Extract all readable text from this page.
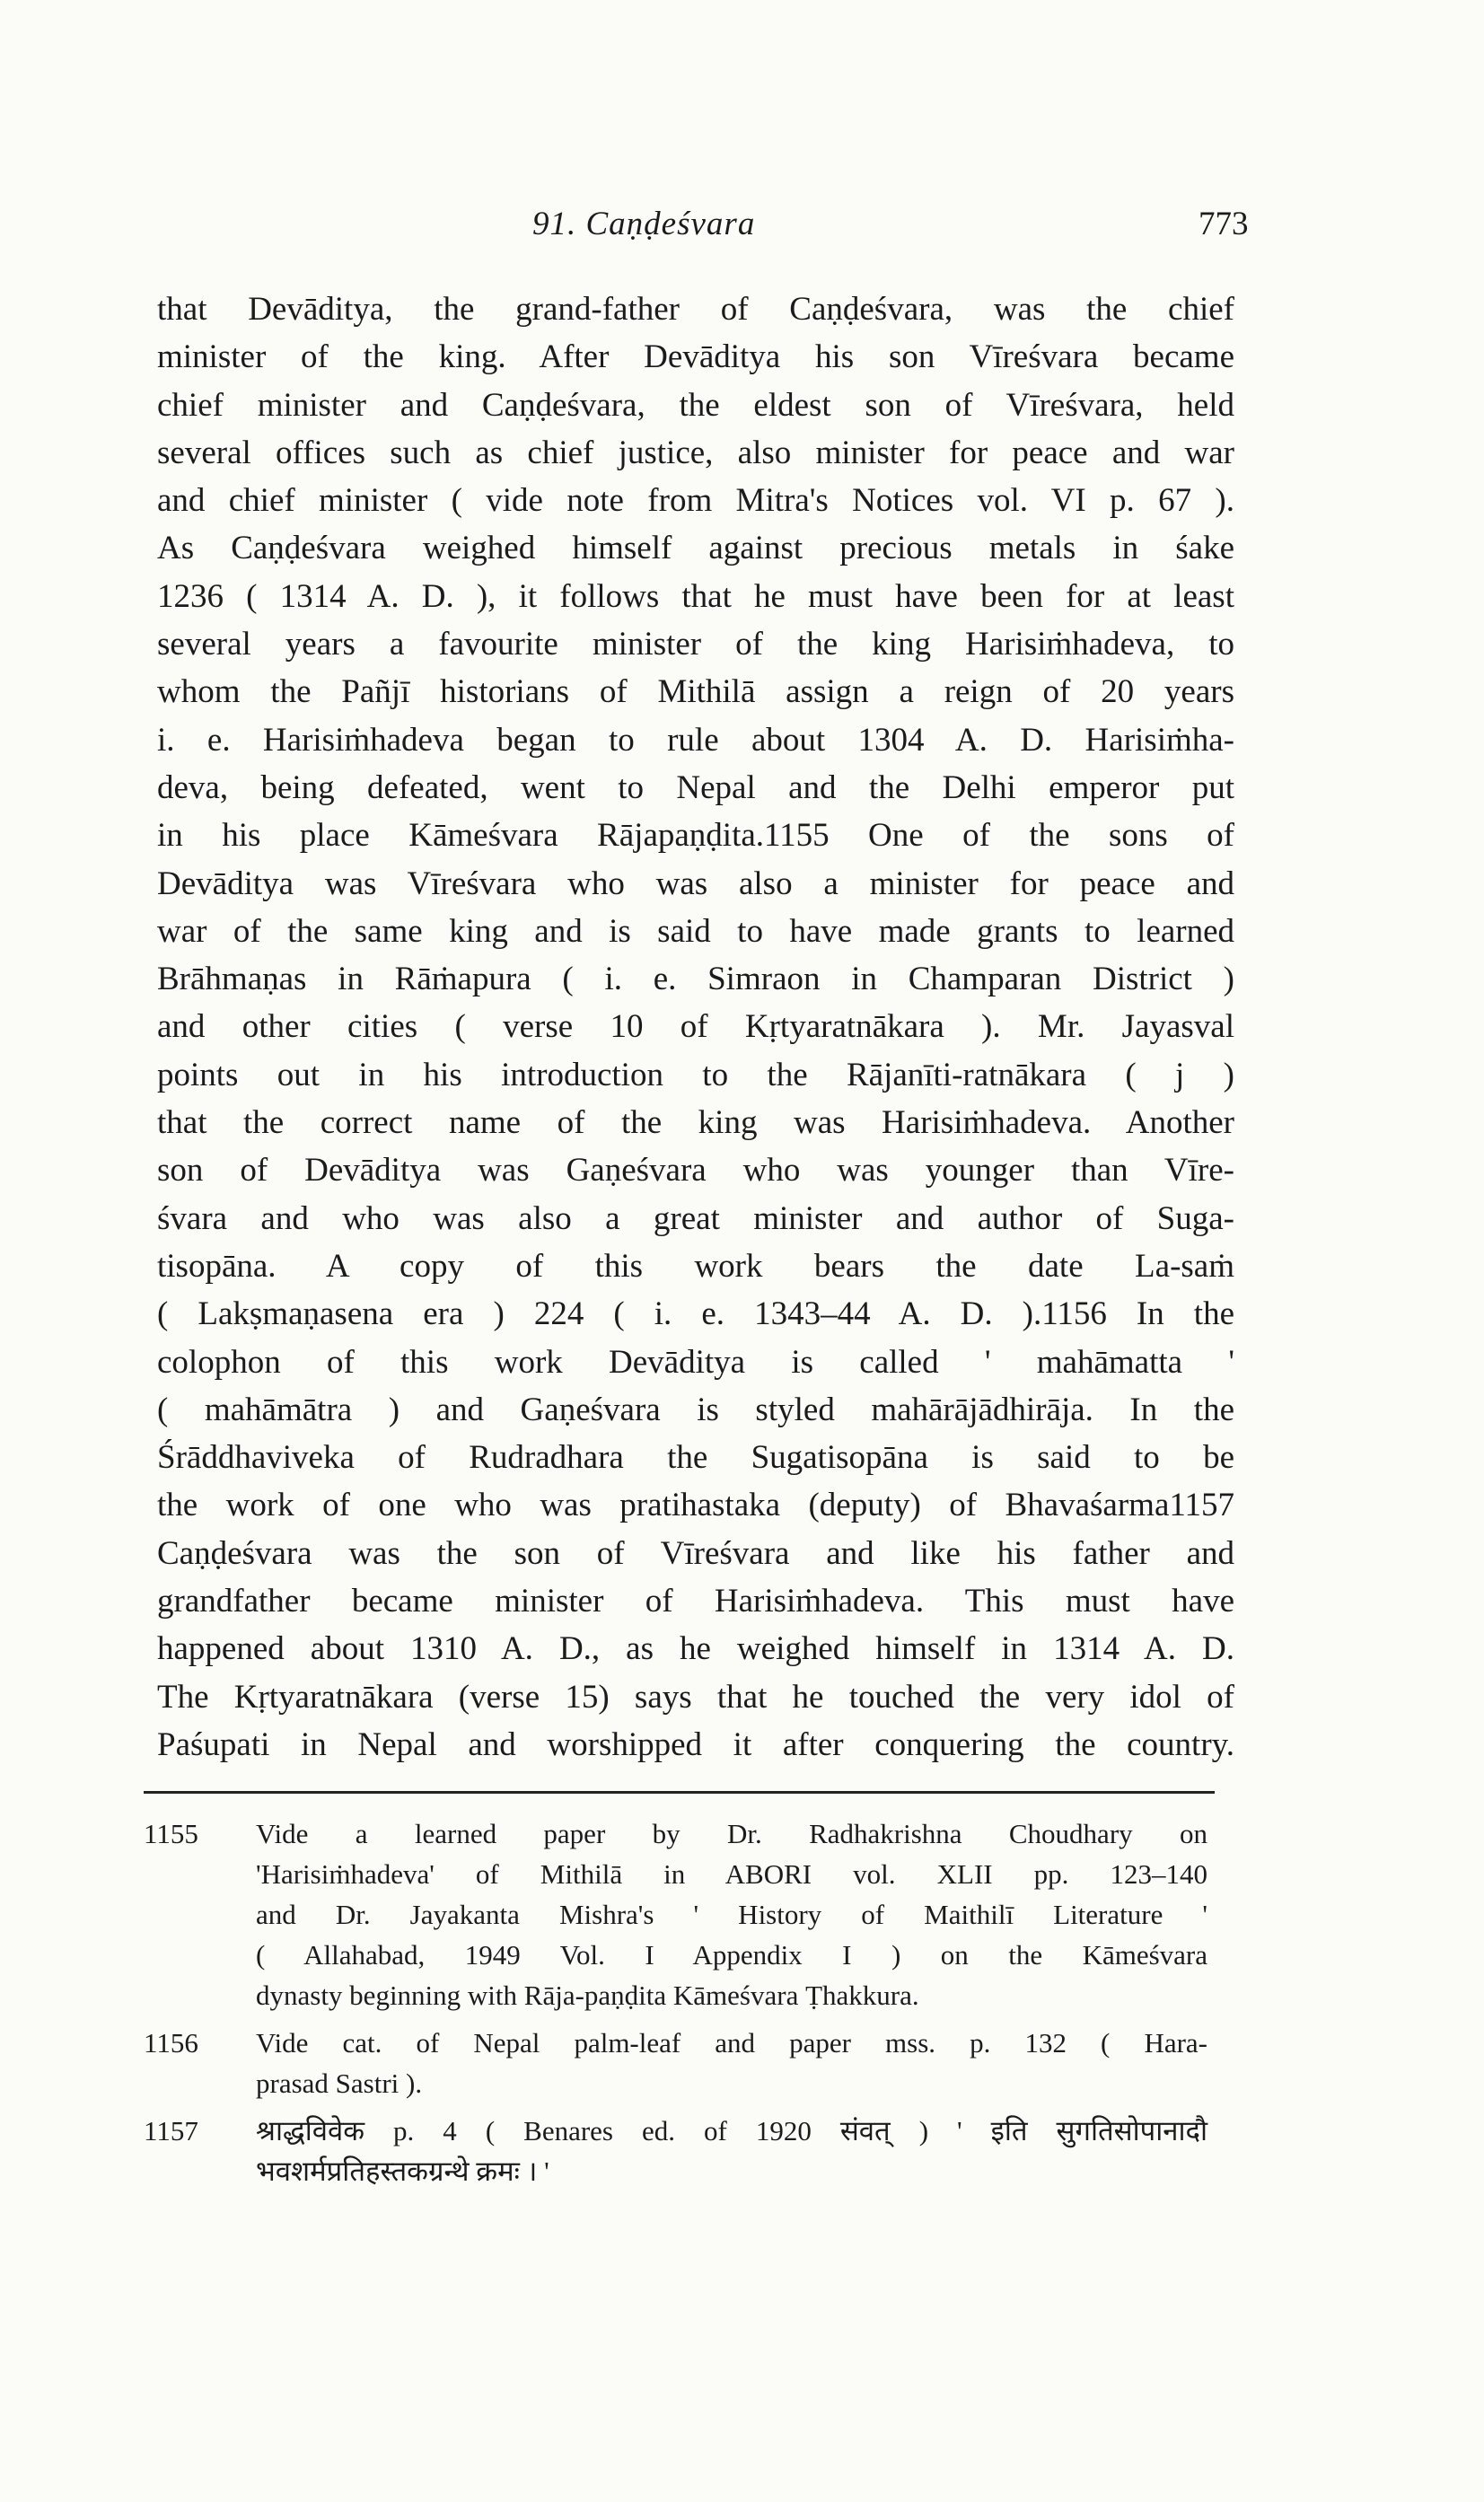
91. Caṇḍeśvara	773
that Devāditya, the grand-father of Caṇḍeśvara, was the chief
minister of the king. After Devāditya his son Vīreśvara became
chief minister and Caṇḍeśvara, the eldest son of Vīreśvara, held
several offices such as chief justice, also minister for peace and war
and chief minister ( vide note from Mitra's Notices vol. VI p. 67 ).
As Caṇḍeśvara weighed himself against precious metals in śake
1236 ( 1314 A. D. ), it follows that he must have been for at least
several years a favourite minister of the king Harisiṁhadeva, to
whom the Pañjī historians of Mithilā assign a reign of 20 years
i. e. Harisiṁhadeva began to rule about 1304 A. D. Harisiṁha-
deva, being defeated, went to Nepal and the Delhi emperor put
in his place Kāmeśvara Rājapaṇḍita.1155 One of the sons of
Devāditya was Vīreśvara who was also a minister for peace and
war of the same king and is said to have made grants to learned
Brāhmaṇas in Rāṁapura ( i. e. Simraon in Champaran District )
and other cities ( verse 10 of Kṛtyaratnākara ). Mr. Jayasval
points out in his introduction to the Rājanīti-ratnākara ( j )
that the correct name of the king was Harisiṁhadeva. Another
son of Devāditya was Gaṇeśvara who was younger than Vīre-
śvara and who was also a great minister and author of Suga-
tisopāna. A copy of this work bears the date La-saṁ
( Lakṣmaṇasena era ) 224 ( i. e. 1343–44 A. D. ).1156 In the
colophon of this work Devāditya is called ' mahāmatta '
( mahāmātra ) and Gaṇeśvara is styled mahārājādhirāja. In the
Śrāddhaviveka of Rudradhara the Sugatisopāna is said to be
the work of one who was pratihastaka (deputy) of Bhavaśarma1157
Caṇḍeśvara was the son of Vīreśvara and like his father and
grandfather became minister of Harisiṁhadeva. This must have
happened about 1310 A. D., as he weighed himself in 1314 A. D.
The Kṛtyaratnākara (verse 15) says that he touched the very idol of
Paśupati in Nepal and worshipped it after conquering the country.
1155	Vide a learned paper by Dr. Radhakrishna Choudhary on
'Harisiṁhadeva' of Mithilā in ABORI vol. XLII pp. 123–140
and Dr. Jayakanta Mishra's ' History of Maithilī Literature '
( Allahabad, 1949 Vol. I Appendix I ) on the Kāmeśvara
dynasty beginning with Rāja-paṇḍita Kāmeśvara Ṭhakkura.
1156	Vide cat. of Nepal palm-leaf and paper mss. p. 132 ( Hara-
prasad Sastri ).
1157	श्राद्धविवेक p. 4 ( Benares ed. of 1920 संवत् ) ' इति सुगतिसोपानादौ
भवशर्मप्रतिहस्तकग्रन्थे क्रमः । '
